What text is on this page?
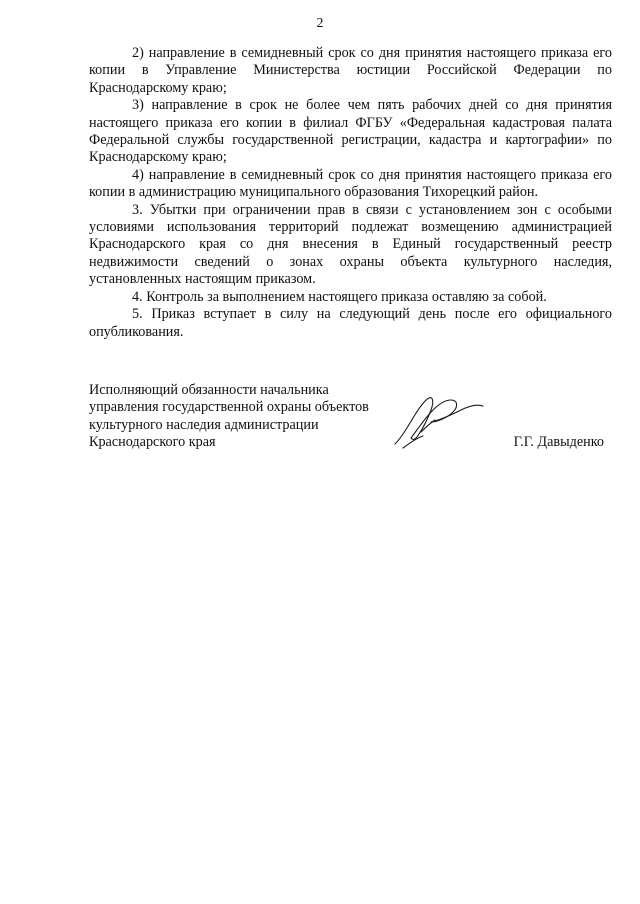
2

2) направление в семидневный срок со дня принятия настоящего приказа его копии в Управление Министерства юстиции Российской Федерации по Краснодарскому краю;

3) направление в срок не более чем пять рабочих дней со дня принятия настоящего приказа его копии в филиал ФГБУ «Федеральная кадастровая палата Федеральной службы государственной регистрации, кадастра и картографии» по Краснодарскому краю;

4) направление в семидневный срок со дня принятия настоящего приказа его копии в администрацию муниципального образования Тихорецкий район.

3. Убытки при ограничении прав в связи с установлением зон с особыми условиями использования территорий подлежат возмещению администрацией Краснодарского края со дня внесения в Единый государственный реестр недвижимости сведений о зонах охраны объекта культурного наследия, установленных настоящим приказом.

4. Контроль за выполнением настоящего приказа оставляю за собой.

5. Приказ вступает в силу на следующий день после его официального опубликования.

Исполняющий обязанности начальника
управления государственной охраны объектов
культурного наследия администрации
Краснодарского края	Г.Г. Давыденко
